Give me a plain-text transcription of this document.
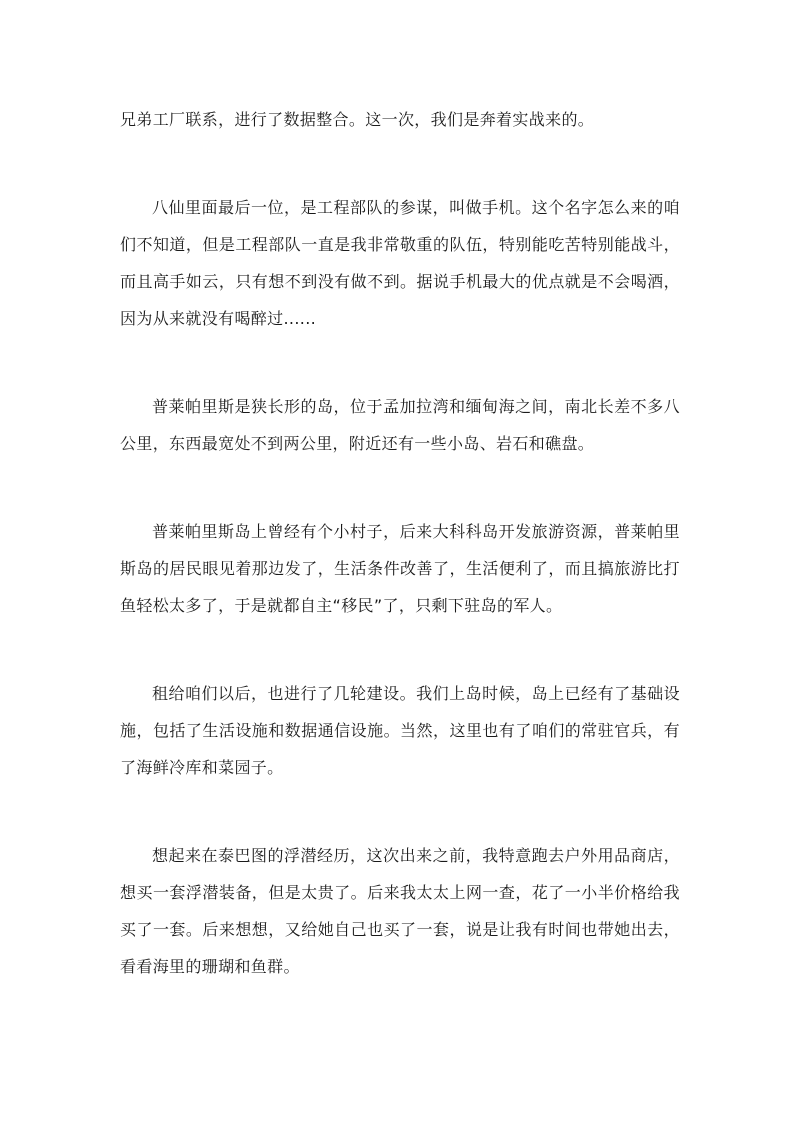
兄弟工厂联系，进行了数据整合。这一次，我们是奔着实战来的。

八仙里面最后一位，是工程部队的参谋，叫做手机。这个名字怎么来的咱们不知道，但是工程部队一直是我非常敬重的队伍，特别能吃苦特别能战斗，而且高手如云，只有想不到没有做不到。据说手机最大的优点就是不会喝酒，因为从来就没有喝醉过......

普莱帕里斯是狭长形的岛，位于孟加拉湾和缅甸海之间，南北长差不多八公里，东西最宽处不到两公里，附近还有一些小岛、岩石和礁盘。

普莱帕里斯岛上曾经有个小村子，后来大科科岛开发旅游资源，普莱帕里斯岛的居民眼见着那边发了，生活条件改善了，生活便利了，而且搞旅游比打鱼轻松太多了，于是就都自主“移民”了，只剩下驻岛的军人。

租给咱们以后，也进行了几轮建设。我们上岛时候，岛上已经有了基础设施，包括了生活设施和数据通信设施。当然，这里也有了咱们的常驻官兵，有了海鲜冷库和菜园子。

想起来在泰巴图的浮潜经历，这次出来之前，我特意跑去户外用品商店，想买一套浮潜装备，但是太贵了。后来我太太上网一查，花了一小半价格给我买了一套。后来想想，又给她自己也买了一套，说是让我有时间也带她出去，看看海里的珊瑚和鱼群。
